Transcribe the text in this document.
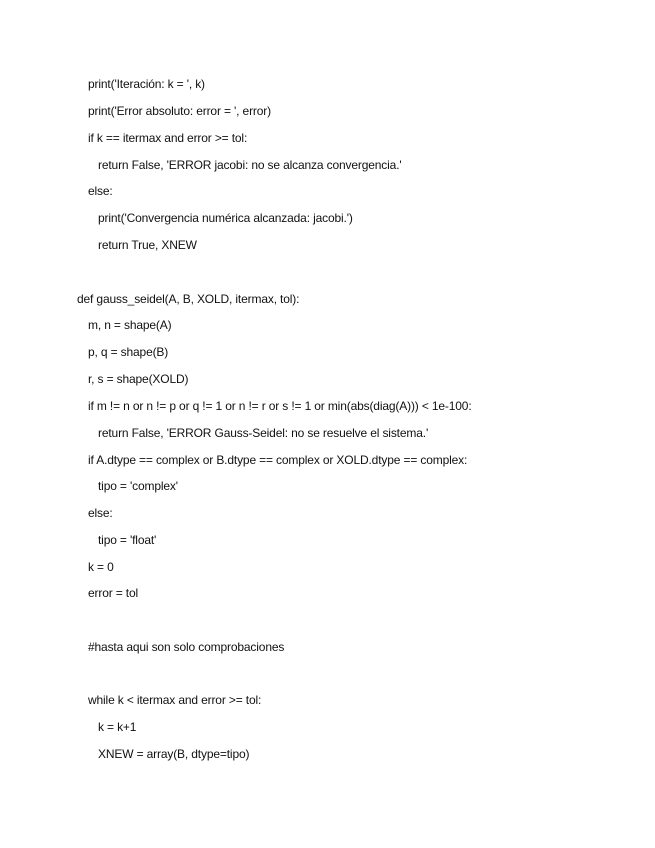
print('Iteración: k = ', k)
print('Error absoluto: error = ', error)
if k == itermax and error >= tol:
return False, 'ERROR jacobi: no se alcanza convergencia.'
else:
print('Convergencia numérica alcanzada: jacobi.')
return True, XNEW
def gauss_seidel(A, B, XOLD, itermax, tol):
m, n = shape(A)
p, q = shape(B)
r, s = shape(XOLD)
if m != n or n != p or q != 1 or n != r or s != 1 or min(abs(diag(A))) < 1e-100:
return False, 'ERROR Gauss-Seidel: no se resuelve el sistema.'
if A.dtype == complex or B.dtype == complex or XOLD.dtype == complex:
tipo = 'complex'
else:
tipo = 'float'
k = 0
error = tol
#hasta aqui son solo comprobaciones
while k < itermax and error >= tol:
k = k+1
XNEW = array(B, dtype=tipo)
